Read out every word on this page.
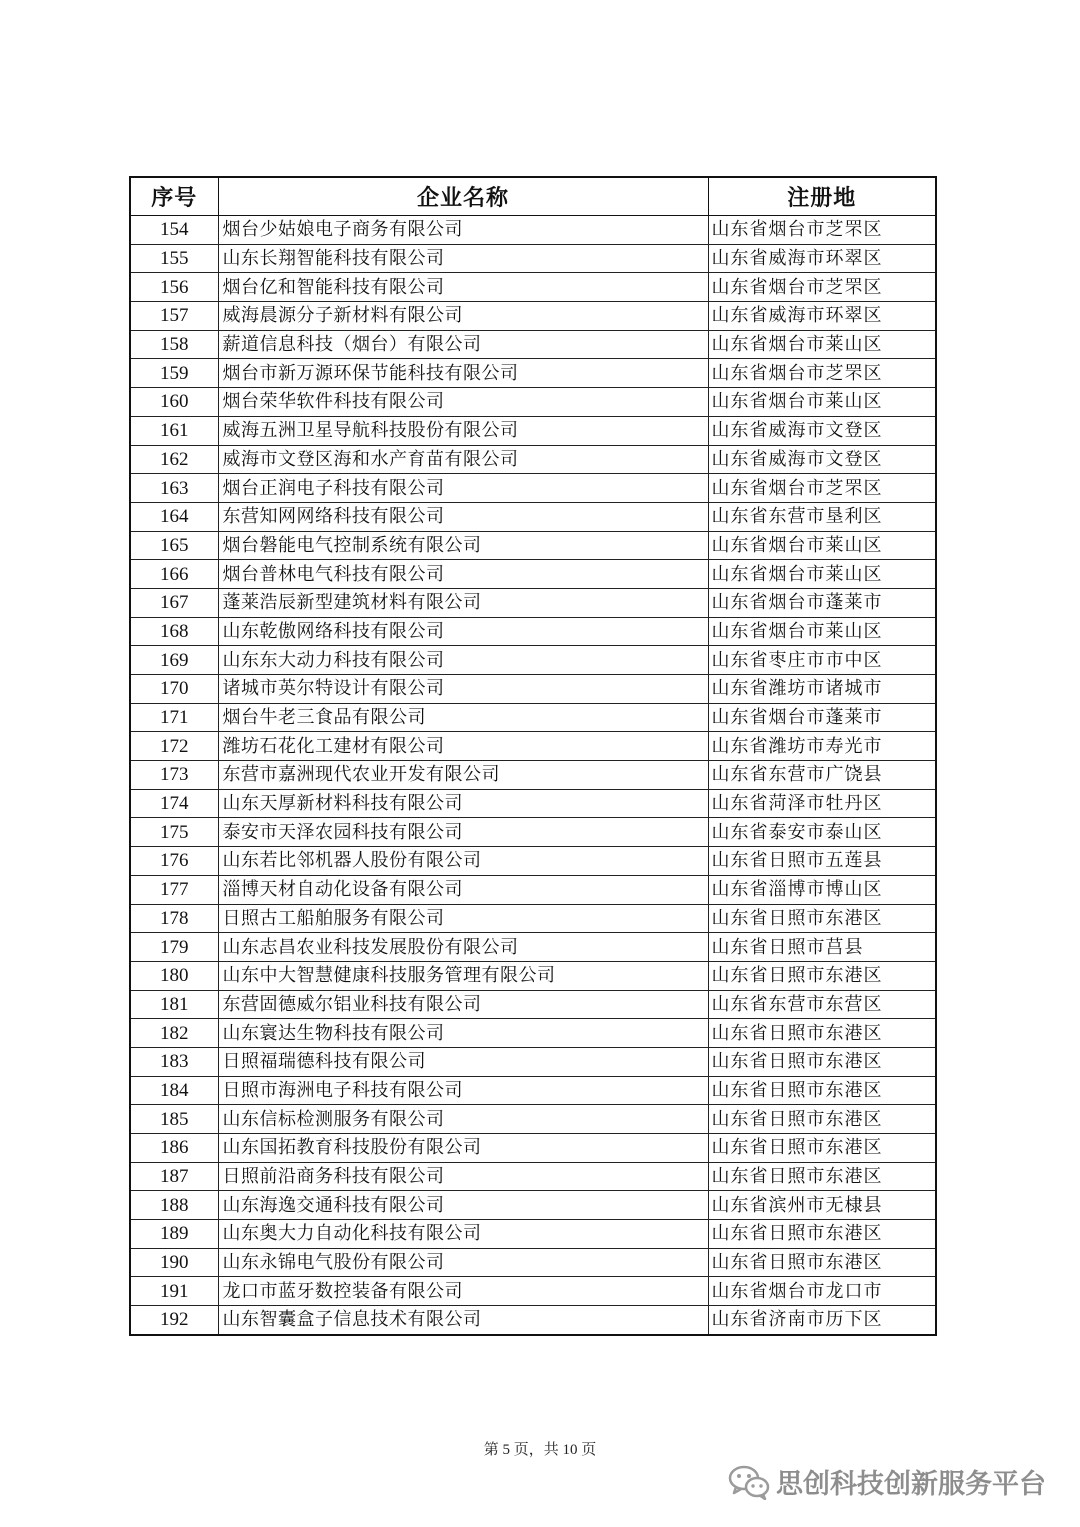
序号	企业名称	注册地
154	烟台少姑娘电子商务有限公司	山东省烟台市芝罘区
155	山东长翔智能科技有限公司	山东省威海市环翠区
156	烟台亿和智能科技有限公司	山东省烟台市芝罘区
157	威海晨源分子新材料有限公司	山东省威海市环翠区
158	薪道信息科技（烟台）有限公司	山东省烟台市莱山区
159	烟台市新万源环保节能科技有限公司	山东省烟台市芝罘区
160	烟台荣华软件科技有限公司	山东省烟台市莱山区
161	威海五洲卫星导航科技股份有限公司	山东省威海市文登区
162	威海市文登区海和水产育苗有限公司	山东省威海市文登区
163	烟台正润电子科技有限公司	山东省烟台市芝罘区
164	东营知网网络科技有限公司	山东省东营市垦利区
165	烟台磐能电气控制系统有限公司	山东省烟台市莱山区
166	烟台普林电气科技有限公司	山东省烟台市莱山区
167	蓬莱浩辰新型建筑材料有限公司	山东省烟台市蓬莱市
168	山东乾傲网络科技有限公司	山东省烟台市莱山区
169	山东东大动力科技有限公司	山东省枣庄市市中区
170	诸城市英尔特设计有限公司	山东省潍坊市诸城市
171	烟台牛老三食品有限公司	山东省烟台市蓬莱市
172	潍坊石花化工建材有限公司	山东省潍坊市寿光市
173	东营市嘉洲现代农业开发有限公司	山东省东营市广饶县
174	山东天厚新材料科技有限公司	山东省菏泽市牡丹区
175	泰安市天泽农园科技有限公司	山东省泰安市泰山区
176	山东若比邻机器人股份有限公司	山东省日照市五莲县
177	淄博天材自动化设备有限公司	山东省淄博市博山区
178	日照古工船舶服务有限公司	山东省日照市东港区
179	山东志昌农业科技发展股份有限公司	山东省日照市莒县
180	山东中大智慧健康科技服务管理有限公司	山东省日照市东港区
181	东营固德威尔铝业科技有限公司	山东省东营市东营区
182	山东寰达生物科技有限公司	山东省日照市东港区
183	日照福瑞德科技有限公司	山东省日照市东港区
184	日照市海洲电子科技有限公司	山东省日照市东港区
185	山东信标检测服务有限公司	山东省日照市东港区
186	山东国拓教育科技股份有限公司	山东省日照市东港区
187	日照前沿商务科技有限公司	山东省日照市东港区
188	山东海逸交通科技有限公司	山东省滨州市无棣县
189	山东奥大力自动化科技有限公司	山东省日照市东港区
190	山东永锦电气股份有限公司	山东省日照市东港区
191	龙口市蓝牙数控装备有限公司	山东省烟台市龙口市
192	山东智囊盒子信息技术有限公司	山东省济南市历下区
第 5 页，共 10 页
思创科技创新服务平台
